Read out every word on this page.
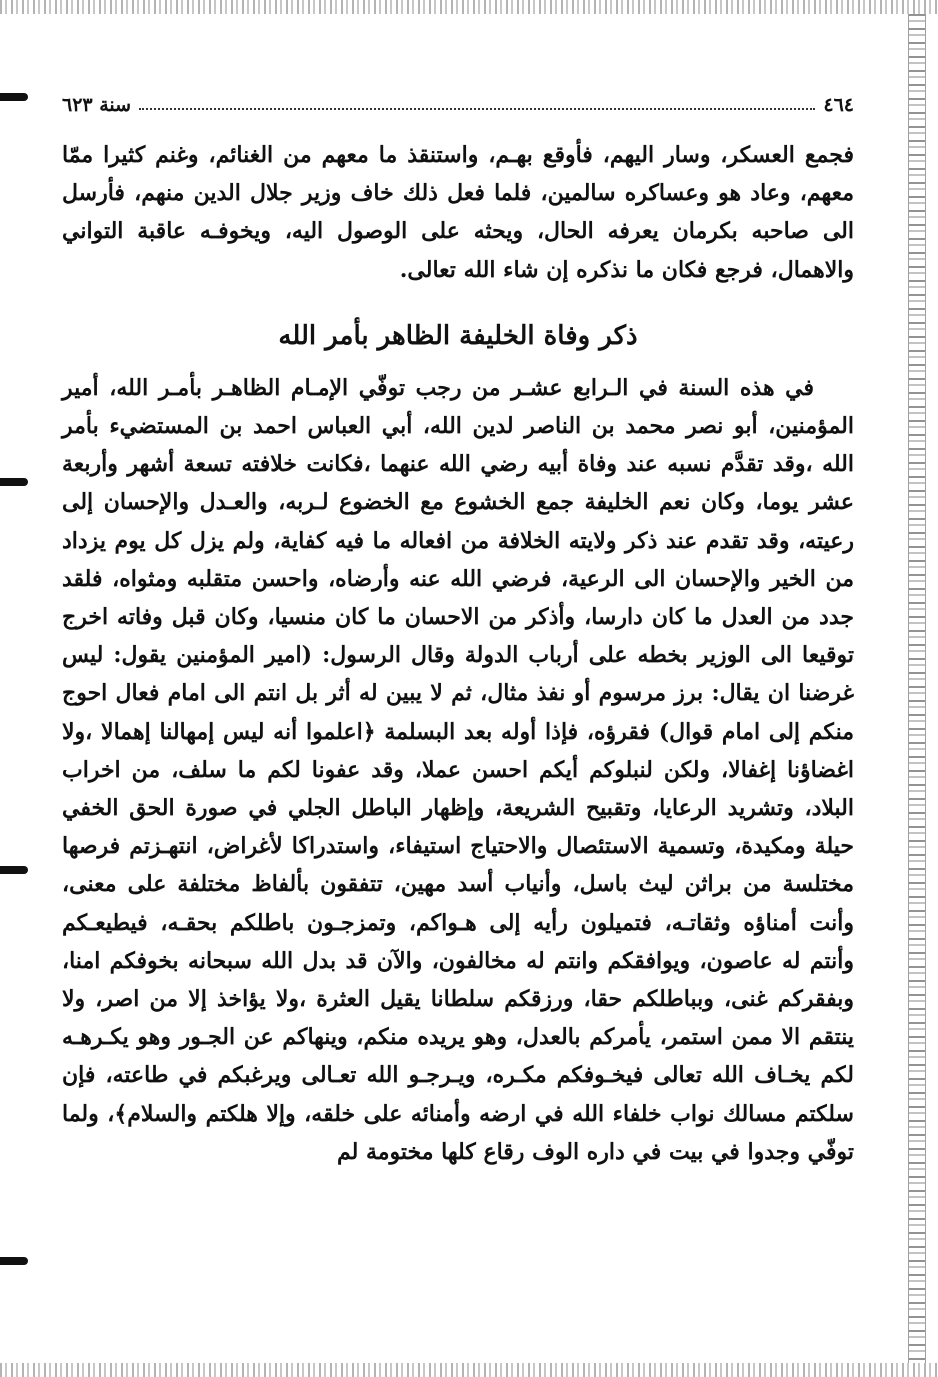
٤٦٤
سنة ٦٢٣

فجمع العسكر، وسار اليهم، فأوقع بهـم، واستنقذ ما معهم من الغنائم، وغنم كثيرا ممّا معهم، وعاد هو وعساكره سالمين، فلما فعل ذلك خاف وزير جلال الدين منهم، فأرسل الى صاحبه بكرمان يعرفه الحال، ويحثه على الوصول اليه، ويخوفـه عاقبة التواني والاهمال، فرجع فكان ما نذكره إن شاء الله تعالى.

ذكر وفاة الخليفة الظاهر بأمر الله

في هذه السنة في الـرابع عشـر من رجب توفّي الإمـام الظاهـر بأمـر الله، أمير المؤمنين، أبو نصر محمد بن الناصر لدين الله، أبي العباس احمد بن المستضيء بأمر الله ،وقد تقدَّم نسبه عند وفاة أبيه رضي الله عنهما ،فكانت خلافته تسعة أشهر وأربعة عشر يوما، وكان نعم الخليفة جمع الخشوع مع الخضوع لـربه، والعـدل والإحسان إلى رعيته، وقد تقدم عند ذكر ولايته الخلافة من افعاله ما فيه كفاية، ولم يزل كل يوم يزداد من الخير والإحسان الى الرعية، فرضي الله عنه وأرضاه، واحسن متقلبه ومثواه، فلقد جدد من العدل ما كان دارسا، وأذكر من الاحسان ما كان منسيا، وكان قبل وفاته اخرج توقيعا الى الوزير بخطه على أرباب الدولة وقال الرسول: (امير المؤمنين يقول: ليس غرضنا ان يقال: برز مرسوم أو نفذ مثال، ثم لا يبين له أثر بل انتم الى امام فعال احوج منكم إلى امام قوال) فقرؤه، فإذا أوله بعد البسلمة ﴿اعلموا أنه ليس إمهالنا إهمالا ،ولا اغضاؤنا إغفالا، ولكن لنبلوكم أيكم احسن عملا، وقد عفونا لكم ما سلف، من اخراب البلاد، وتشريد الرعايا، وتقبيح الشريعة، وإظهار الباطل الجلي في صورة الحق الخفي حيلة ومكيدة، وتسمية الاستئصال والاحتياج استيفاء، واستدراكا لأغراض، انتهـزتم فرصها مختلسة من براثن ليث باسل، وأنياب أسد مهين، تتفقون بألفاظ مختلفة على معنى، وأنت أمناؤه وثقاتـه، فتميلون رأيه إلى هـواكم، وتمزجـون باطلكم بحقـه، فيطيعـكم وأنتم له عاصون، ويوافقكم وانتم له مخالفون، والآن قد بدل الله سبحانه بخوفكم امنا، وبفقركم غنى، وبباطلكم حقا، ورزقكم سلطانا يقيل العثرة ،ولا يؤاخذ إلا من اصر، ولا ينتقم الا ممن استمر، يأمركم بالعدل، وهو يريده منكم، وينهاكم عن الجـور وهو يكـرهـه لكم يخـاف الله تعالى فيخـوفكم مكـره، ويـرجـو الله تعـالى ويرغبكم في طاعته، فإن سلكتم مسالك نواب خلفاء الله في ارضه وأمنائه على خلقه، وإلا هلكتم والسلام﴾، ولما توفّي وجدوا في بيت في داره الوف رقاع كلها مختومة لم
